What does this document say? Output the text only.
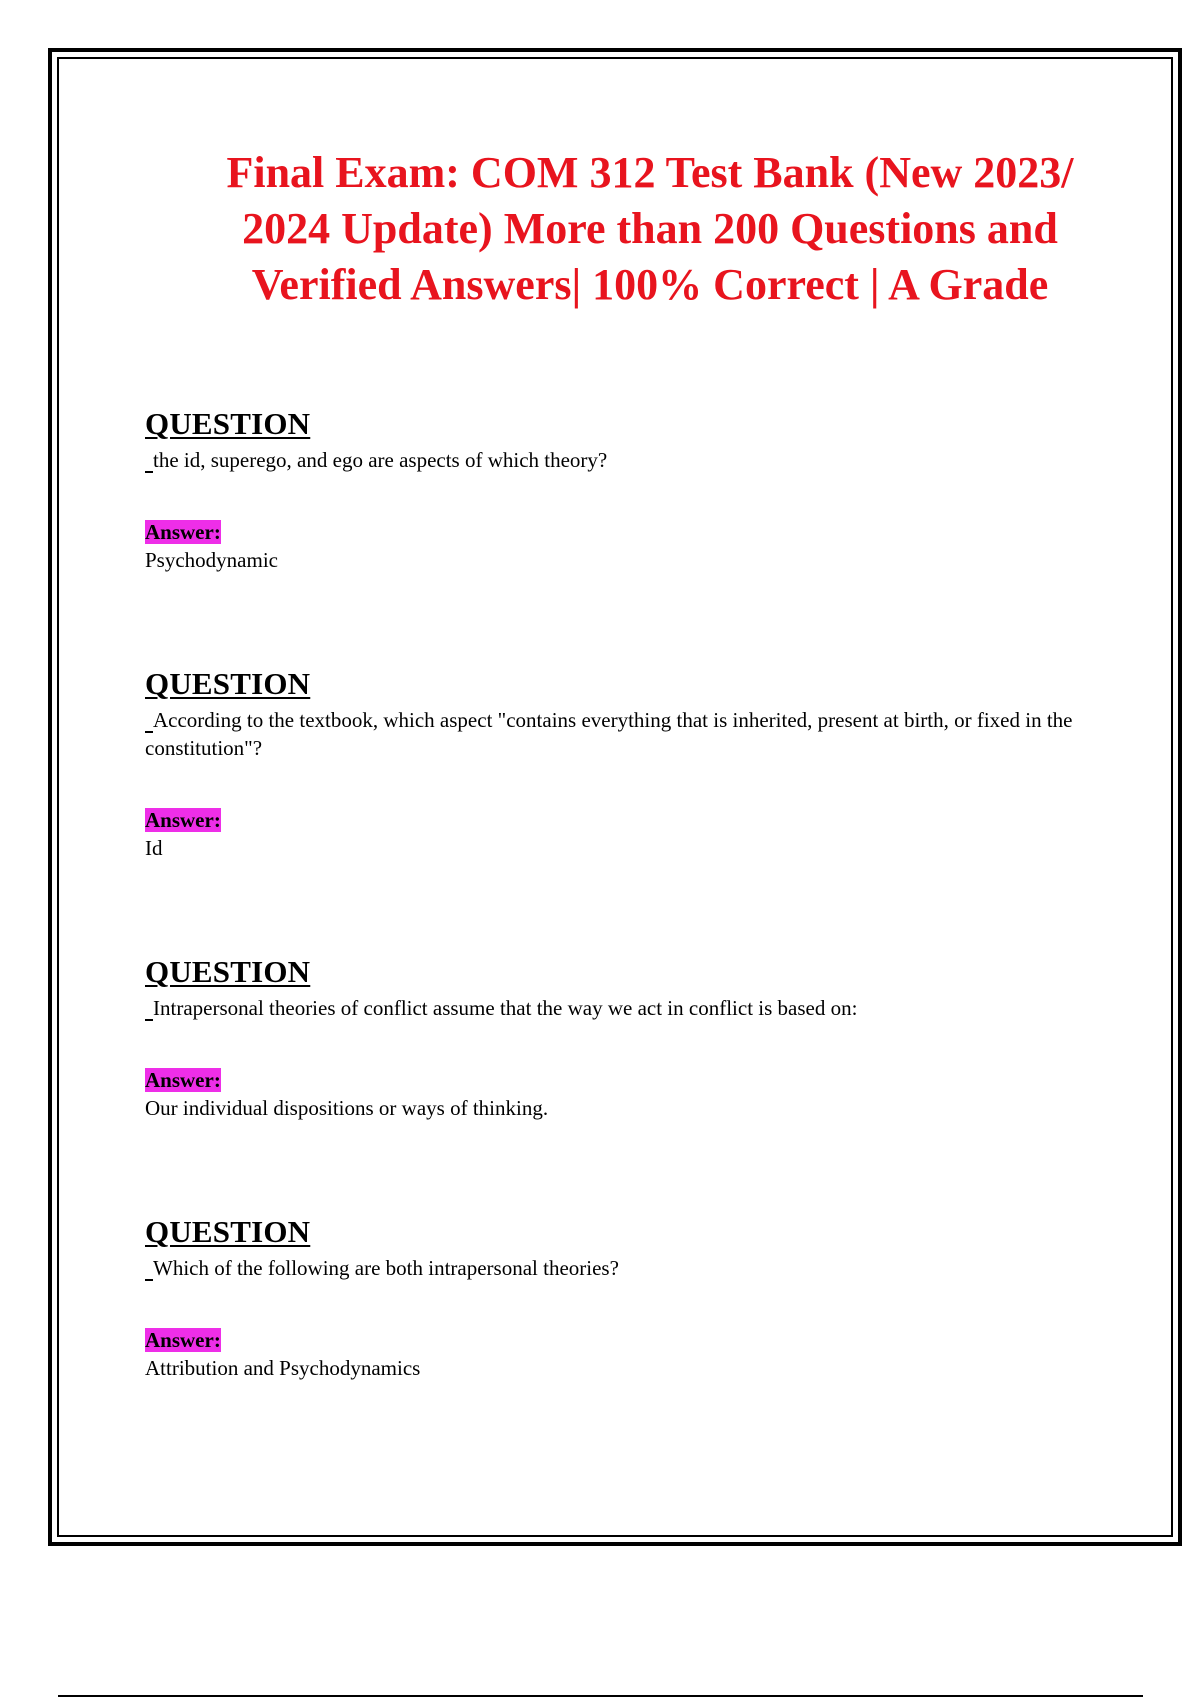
Final Exam: COM 312 Test Bank (New 2023/ 2024 Update) More than 200 Questions and Verified Answers| 100% Correct | A Grade

QUESTION

the id, superego, and ego are aspects of which theory?

Answer:

Psychodynamic

QUESTION

According to the textbook, which aspect "contains everything that is inherited, present at birth, or fixed in the constitution"?

Answer:

Id

QUESTION

Intrapersonal theories of conflict assume that the way we act in conflict is based on:

Answer:

Our individual dispositions or ways of thinking.

QUESTION

Which of the following are both intrapersonal theories?

Answer:

Attribution and Psychodynamics
